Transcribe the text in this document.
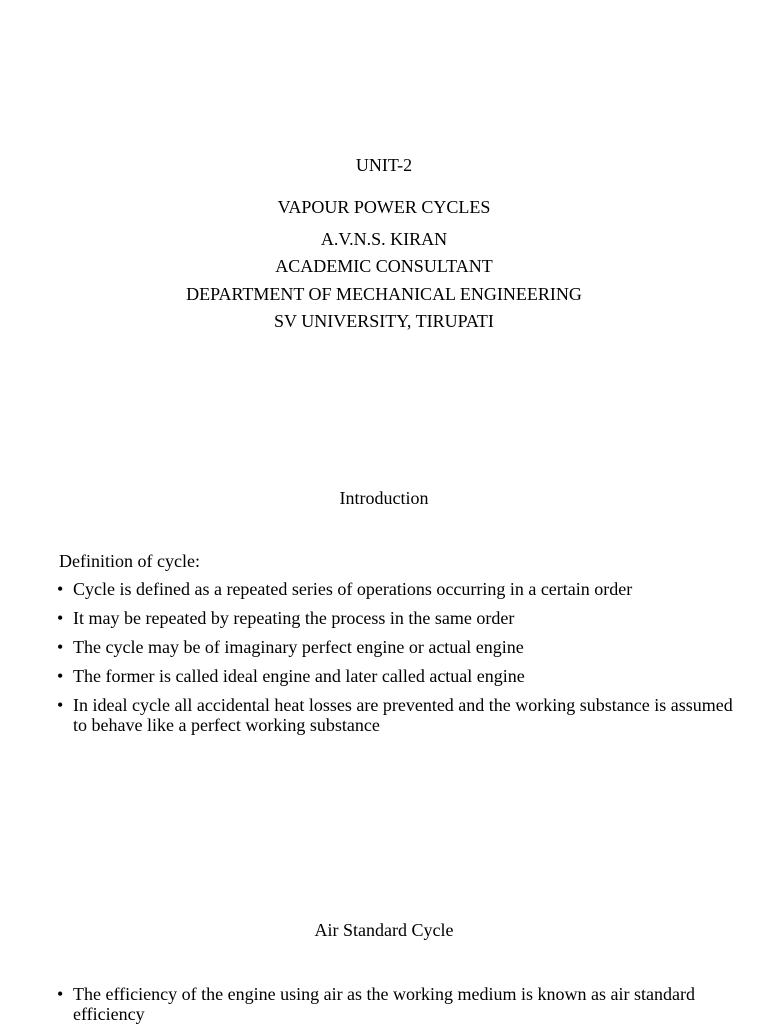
UNIT-2
VAPOUR POWER CYCLES
A.V.N.S. KIRAN
ACADEMIC CONSULTANT
DEPARTMENT OF MECHANICAL ENGINEERING
SV UNIVERSITY, TIRUPATI
Introduction
Definition of cycle:
• Cycle is defined as a repeated series of operations occurring in a certain order
• It may be repeated by repeating the process in the same order
• The cycle may be of imaginary perfect engine or actual engine
• The former is called ideal engine and later called actual engine
• In ideal cycle all accidental heat losses are prevented and the working substance is assumed to behave like a perfect working substance
Air Standard Cycle
• The efficiency of the engine using air as the working medium is known as air standard efficiency
